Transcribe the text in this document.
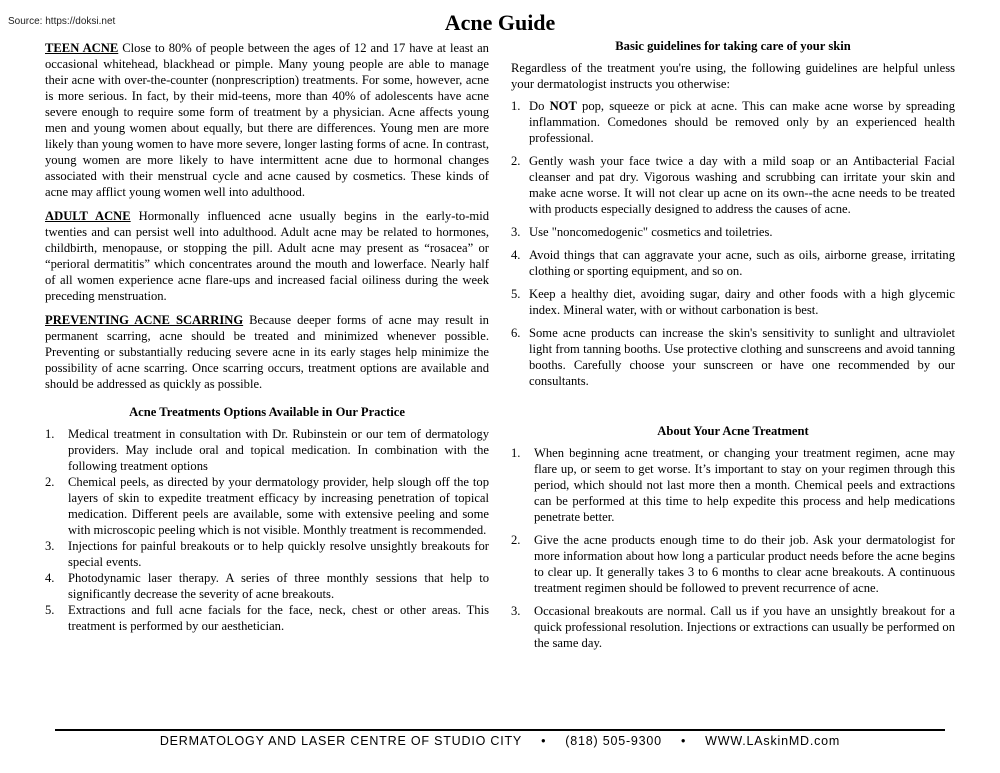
Source: https://doksi.net	Acne Guide

TEEN ACNE Close to 80% of people between the ages of 12 and 17 have at least an occasional whitehead, blackhead or pimple. Many young people are able to manage their acne with over-the-counter (nonprescription) treatments. For some, however, acne is more serious. In fact, by their mid-teens, more than 40% of adolescents have acne severe enough to require some form of treatment by a physician. Acne affects young men and young women about equally, but there are differences. Young men are more likely than young women to have more severe, longer lasting forms of acne. In contrast, young women are more likely to have intermittent acne due to hormonal changes associated with their menstrual cycle and acne caused by cosmetics. These kinds of acne may afflict young women well into adulthood.

ADULT ACNE Hormonally influenced acne usually begins in the early-to-mid twenties and can persist well into adulthood. Adult acne may be related to hormones, childbirth, menopause, or stopping the pill. Adult acne may present as “rosacea” or “perioral dermatitis” which concentrates around the mouth and lowerface. Nearly half of all women experience acne flare-ups and increased facial oiliness during the week preceding menstruation.

PREVENTING ACNE SCARRING Because deeper forms of acne may result in permanent scarring, acne should be treated and minimized whenever possible. Preventing or substantially reducing severe acne in its early stages help minimize the possibility of acne scarring. Once scarring occurs, treatment options are available and should be addressed as quickly as possible.

Acne Treatments Options Available in Our Practice
1. Medical treatment in consultation with Dr. Rubinstein or our tem of dermatology providers. May include oral and topical medication. In combination with the following treatment options
2. Chemical peels, as directed by your dermatology provider, help slough off the top layers of skin to expedite treatment efficacy by increasing penetration of topical medication. Different peels are available, some with extensive peeling and some with microscopic peeling which is not visible. Monthly treatment is recommended.
3. Injections for painful breakouts or to help quickly resolve unsightly breakouts for special events.
4. Photodynamic laser therapy. A series of three monthly sessions that help to significantly decrease the severity of acne breakouts.
5. Extractions and full acne facials for the face, neck, chest or other areas. This treatment is performed by our aesthetician.
Basic guidelines for taking care of your skin

Regardless of the treatment you're using, the following guidelines are helpful unless your dermatologist instructs you otherwise:

1. Do NOT pop, squeeze or pick at acne. This can make acne worse by spreading inflammation. Comedones should be removed only by an experienced health professional.
2. Gently wash your face twice a day with a mild soap or an Antibacterial Facial cleanser and pat dry. Vigorous washing and scrubbing can irritate your skin and make acne worse. It will not clear up acne on its own--the acne needs to be treated with products especially designed to address the causes of acne.
3. Use "noncomedogenic" cosmetics and toiletries.
4. Avoid things that can aggravate your acne, such as oils, airborne grease, irritating clothing or sporting equipment, and so on.
5. Keep a healthy diet, avoiding sugar, dairy and other foods with a high glycemic index. Mineral water, with or without carbonation is best.
6. Some acne products can increase the skin's sensitivity to sunlight and ultraviolet light from tanning booths. Use protective clothing and sunscreens and avoid tanning booths. Carefully choose your sunscreen or have one recommended by our consultants.
About Your Acne Treatment
1. When beginning acne treatment, or changing your treatment regimen, acne may flare up, or seem to get worse. It’s important to stay on your regimen through this period, which should not last more then a month. Chemical peels and extractions can be performed at this time to help expedite this process and help medications penetrate better.
2. Give the acne products enough time to do their job. Ask your dermatologist for more information about how long a particular product needs before the acne begins to clear up. It generally takes 3 to 6 months to clear acne breakouts. A continuous treatment regimen should be followed to prevent recurrence of acne.
3. Occasional breakouts are normal. Call us if you have an unsightly breakout for a quick professional resolution. Injections or extractions can usually be performed on the same day.
DERMATOLOGY AND LASER CENTRE OF STUDIO CITY • (818) 505-9300 • WWW.LAskinMD.com
